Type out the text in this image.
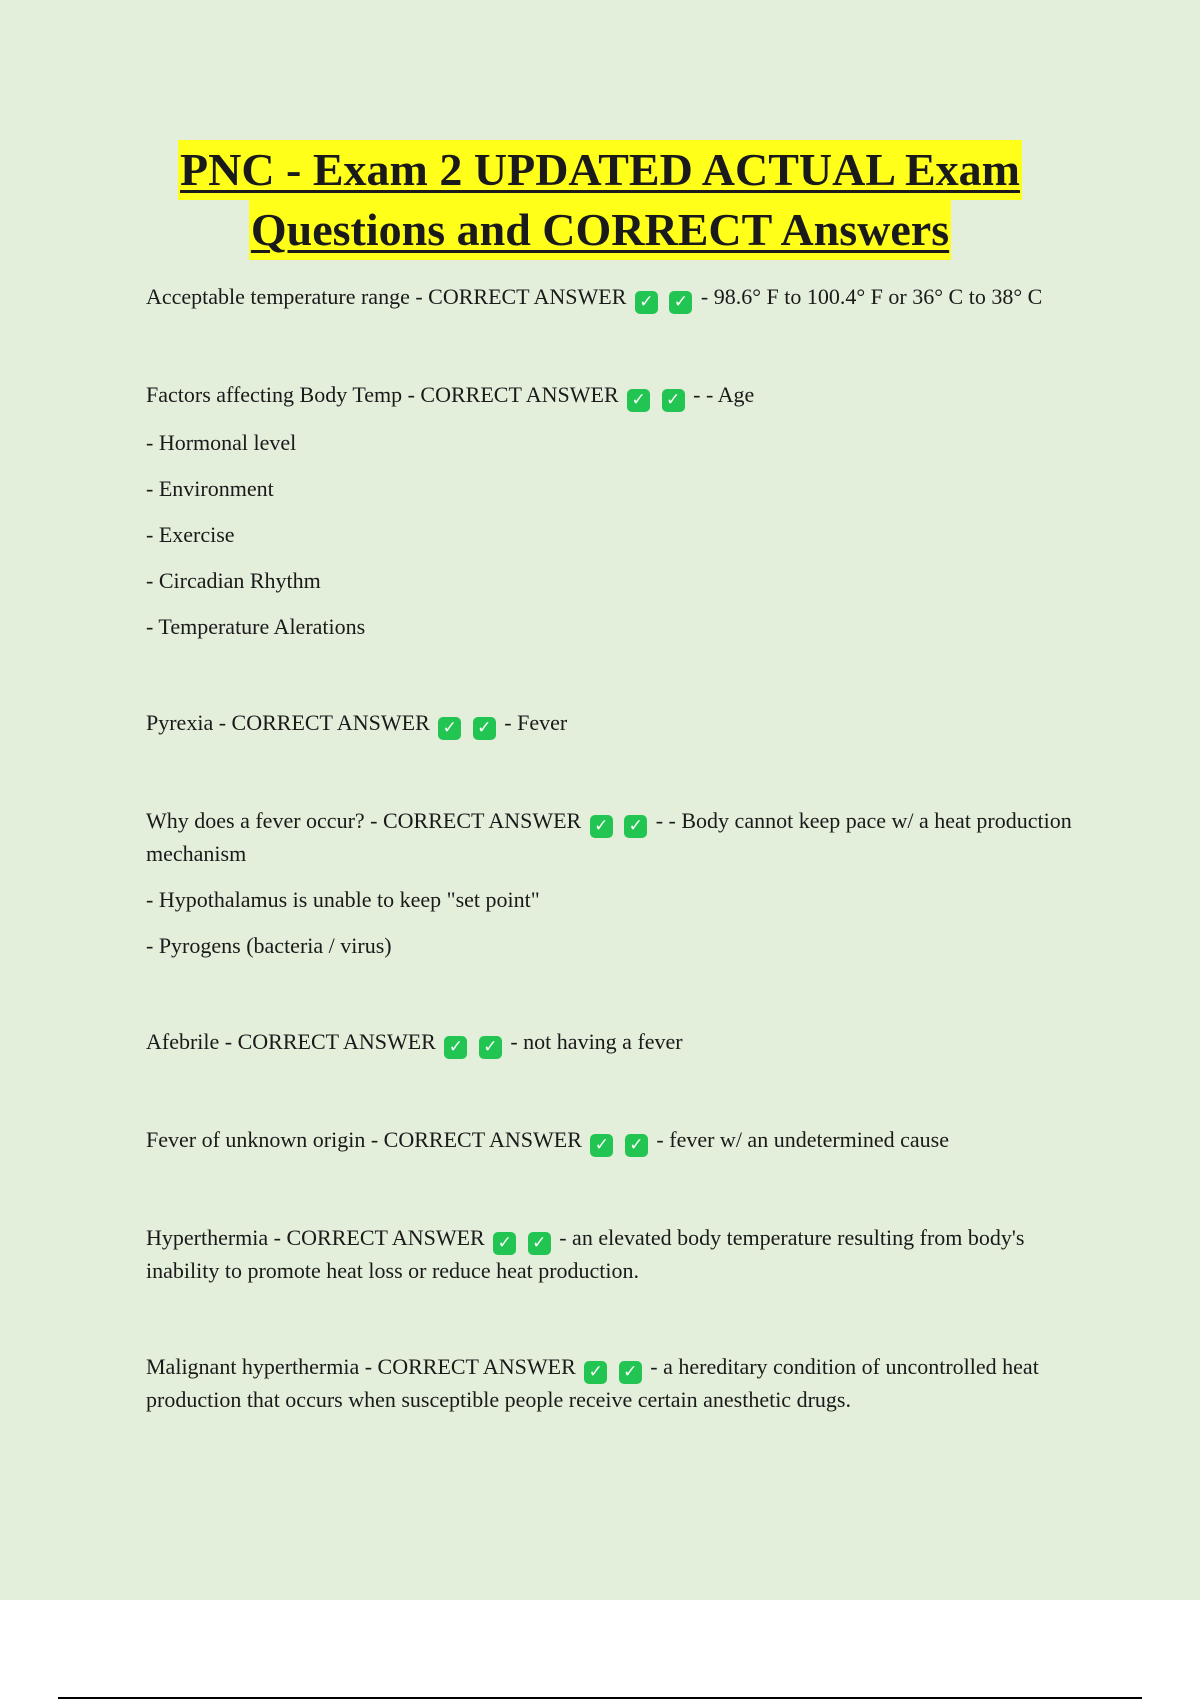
PNC - Exam 2 UPDATED ACTUAL Exam
Questions and CORRECT Answers

Acceptable temperature range - CORRECT ANSWER ✓ ✓ - 98.6° F to 100.4° F or 36° C to 38° C

Factors affecting Body Temp - CORRECT ANSWER ✓ ✓ - - Age

- Hormonal level

- Environment

- Exercise

- Circadian Rhythm

- Temperature Alerations

Pyrexia - CORRECT ANSWER ✓ ✓ - Fever

Why does a fever occur? - CORRECT ANSWER ✓ ✓ - - Body cannot keep pace w/ a heat production mechanism

- Hypothalamus is unable to keep "set point"

- Pyrogens (bacteria / virus)

Afebrile - CORRECT ANSWER ✓ ✓ - not having a fever

Fever of unknown origin - CORRECT ANSWER ✓ ✓ - fever w/ an undetermined cause

Hyperthermia - CORRECT ANSWER ✓ ✓ - an elevated body temperature resulting from body's inability to promote heat loss or reduce heat production.

Malignant hyperthermia - CORRECT ANSWER ✓ ✓ - a hereditary condition of uncontrolled heat production that occurs when susceptible people receive certain anesthetic drugs.
